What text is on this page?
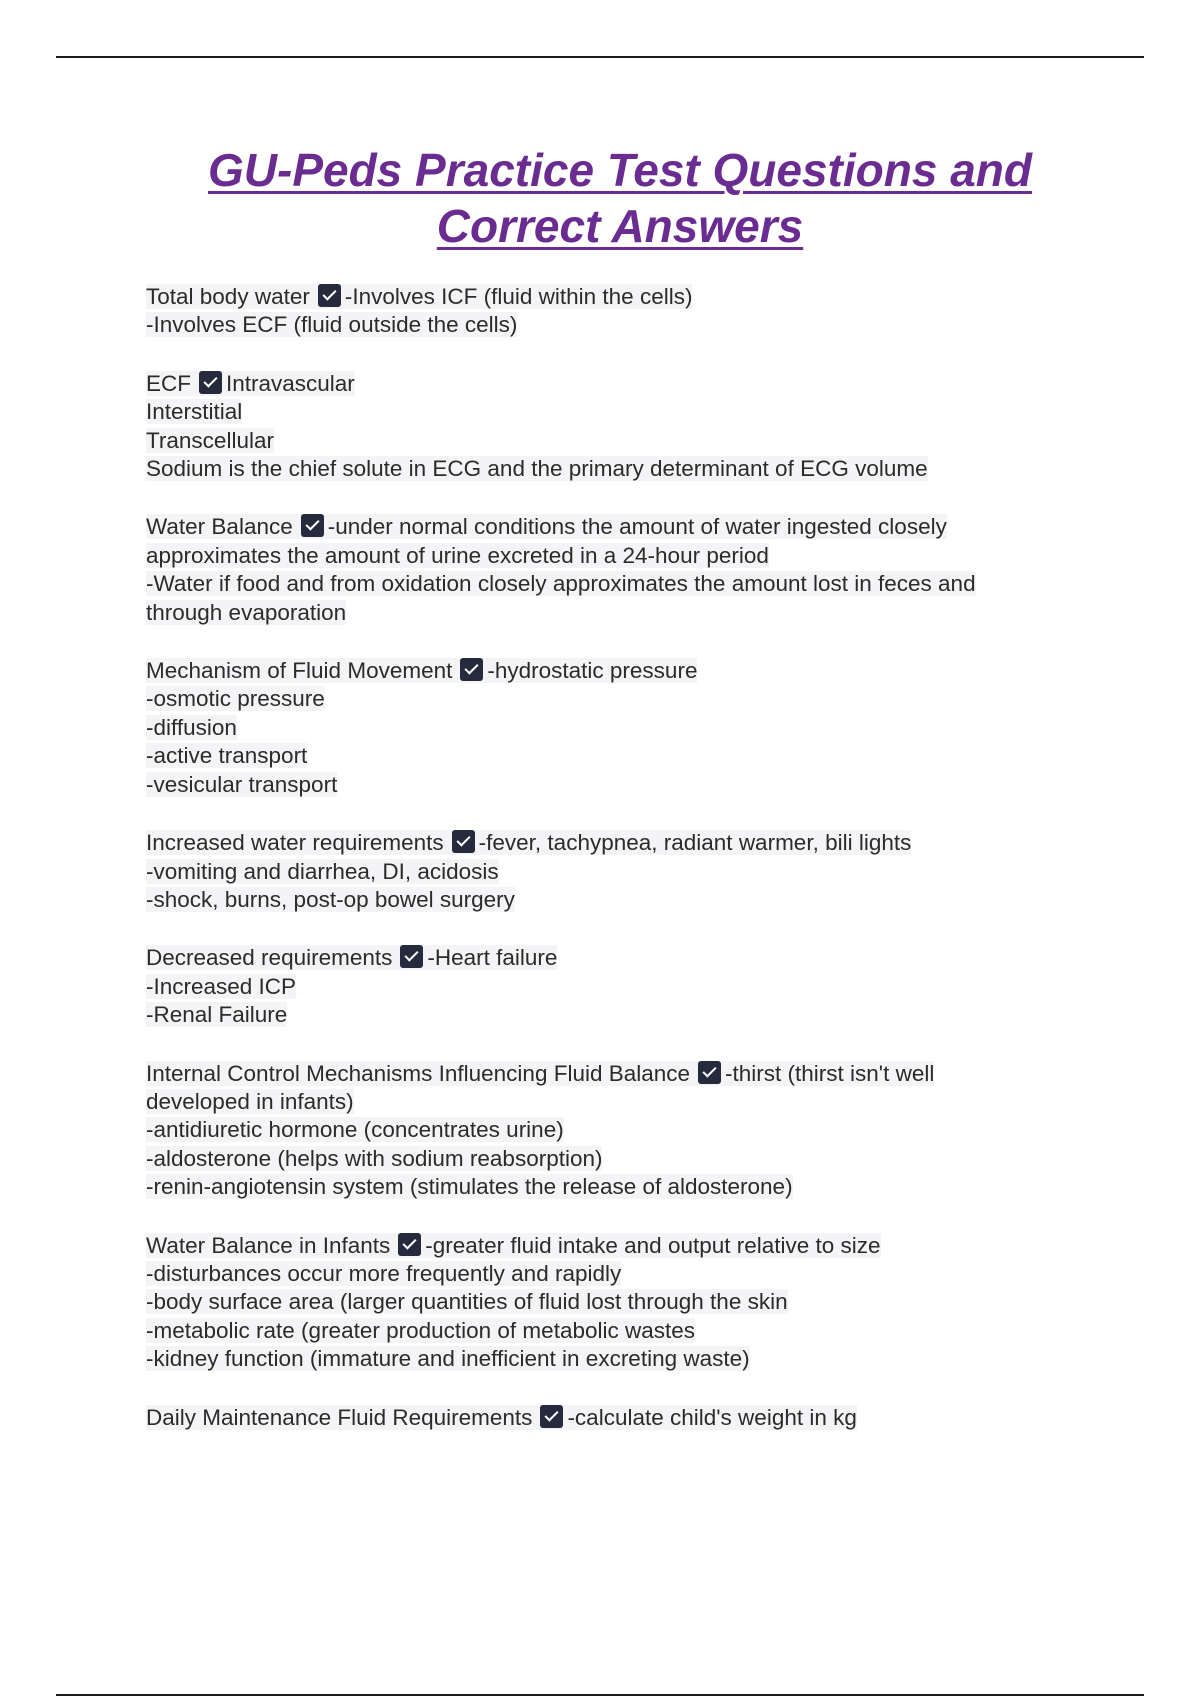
GU-Peds Practice Test Questions and
Correct Answers
Total body water -Involves ICF (fluid within the cells)
-Involves ECF (fluid outside the cells)
ECF Intravascular
Interstitial
Transcellular
Sodium is the chief solute in ECG and the primary determinant of ECG volume
Water Balance -under normal conditions the amount of water ingested closely
approximates the amount of urine excreted in a 24-hour period
-Water if food and from oxidation closely approximates the amount lost in feces and
through evaporation
Mechanism of Fluid Movement -hydrostatic pressure
-osmotic pressure
-diffusion
-active transport
-vesicular transport
Increased water requirements -fever, tachypnea, radiant warmer, bili lights
-vomiting and diarrhea, DI, acidosis
-shock, burns, post-op bowel surgery
Decreased requirements -Heart failure
-Increased ICP
-Renal Failure
Internal Control Mechanisms Influencing Fluid Balance -thirst (thirst isn't well
developed in infants)
-antidiuretic hormone (concentrates urine)
-aldosterone (helps with sodium reabsorption)
-renin-angiotensin system (stimulates the release of aldosterone)
Water Balance in Infants -greater fluid intake and output relative to size
-disturbances occur more frequently and rapidly
-body surface area (larger quantities of fluid lost through the skin
-metabolic rate (greater production of metabolic wastes
-kidney function (immature and inefficient in excreting waste)
Daily Maintenance Fluid Requirements -calculate child's weight in kg
